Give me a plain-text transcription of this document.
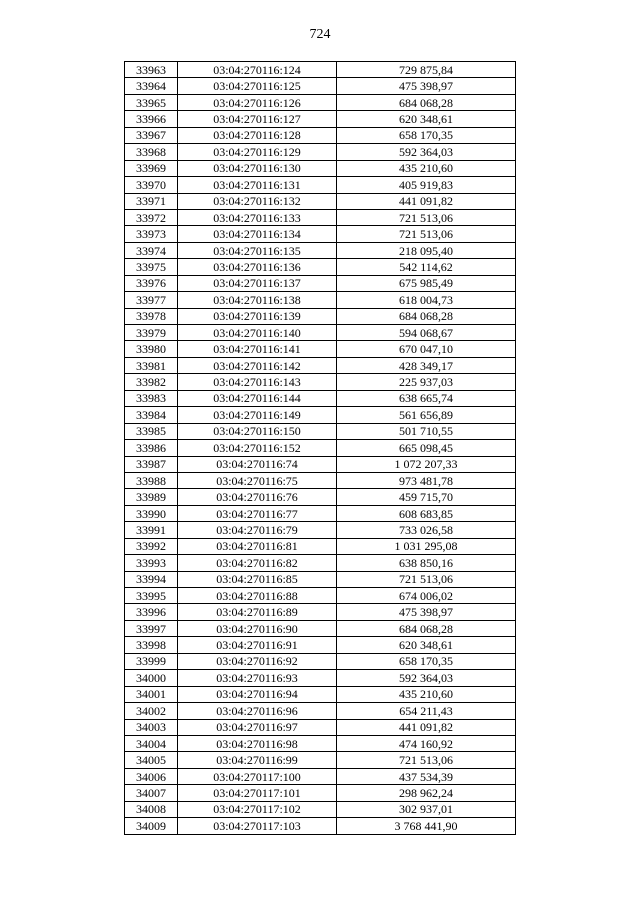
724
33963	03:04:270116:124	729 875,84
33964	03:04:270116:125	475 398,97
33965	03:04:270116:126	684 068,28
33966	03:04:270116:127	620 348,61
33967	03:04:270116:128	658 170,35
33968	03:04:270116:129	592 364,03
33969	03:04:270116:130	435 210,60
33970	03:04:270116:131	405 919,83
33971	03:04:270116:132	441 091,82
33972	03:04:270116:133	721 513,06
33973	03:04:270116:134	721 513,06
33974	03:04:270116:135	218 095,40
33975	03:04:270116:136	542 114,62
33976	03:04:270116:137	675 985,49
33977	03:04:270116:138	618 004,73
33978	03:04:270116:139	684 068,28
33979	03:04:270116:140	594 068,67
33980	03:04:270116:141	670 047,10
33981	03:04:270116:142	428 349,17
33982	03:04:270116:143	225 937,03
33983	03:04:270116:144	638 665,74
33984	03:04:270116:149	561 656,89
33985	03:04:270116:150	501 710,55
33986	03:04:270116:152	665 098,45
33987	03:04:270116:74	1 072 207,33
33988	03:04:270116:75	973 481,78
33989	03:04:270116:76	459 715,70
33990	03:04:270116:77	608 683,85
33991	03:04:270116:79	733 026,58
33992	03:04:270116:81	1 031 295,08
33993	03:04:270116:82	638 850,16
33994	03:04:270116:85	721 513,06
33995	03:04:270116:88	674 006,02
33996	03:04:270116:89	475 398,97
33997	03:04:270116:90	684 068,28
33998	03:04:270116:91	620 348,61
33999	03:04:270116:92	658 170,35
34000	03:04:270116:93	592 364,03
34001	03:04:270116:94	435 210,60
34002	03:04:270116:96	654 211,43
34003	03:04:270116:97	441 091,82
34004	03:04:270116:98	474 160,92
34005	03:04:270116:99	721 513,06
34006	03:04:270117:100	437 534,39
34007	03:04:270117:101	298 962,24
34008	03:04:270117:102	302 937,01
34009	03:04:270117:103	3 768 441,90
